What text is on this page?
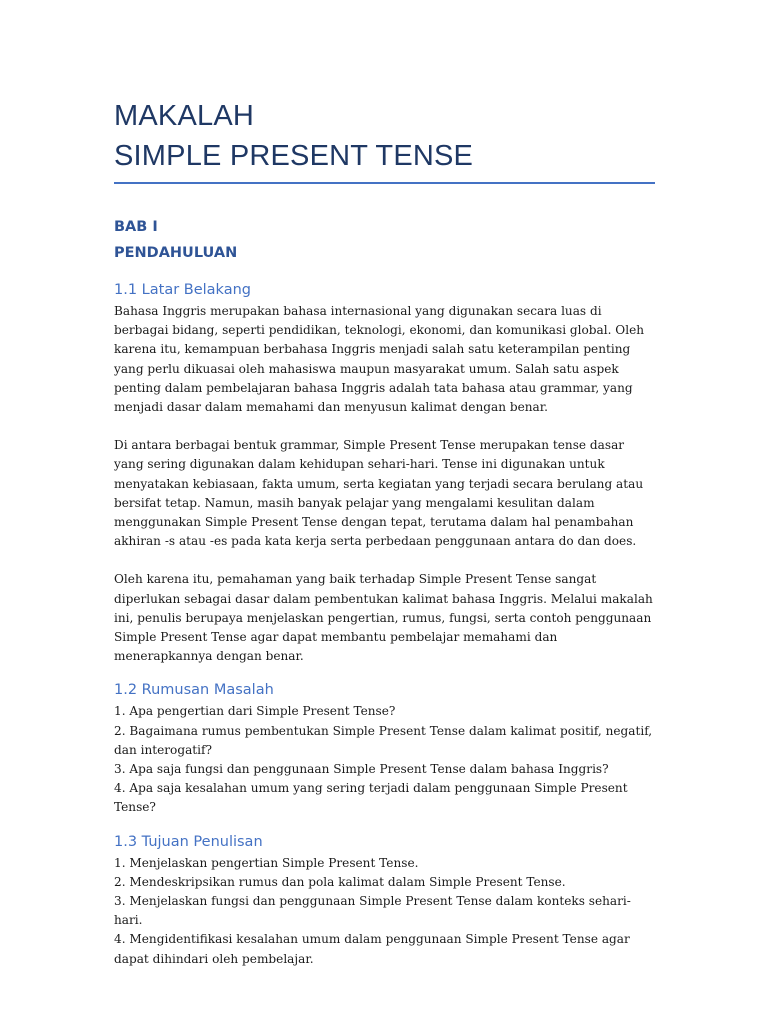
MAKALAH
SIMPLE PRESENT TENSE
BAB I
PENDAHULUAN
1.1 Latar Belakang

Bahasa Inggris merupakan bahasa internasional yang digunakan secara luas di berbagai bidang, seperti pendidikan, teknologi, ekonomi, dan komunikasi global. Oleh karena itu, kemampuan berbahasa Inggris menjadi salah satu keterampilan penting yang perlu dikuasai oleh mahasiswa maupun masyarakat umum. Salah satu aspek penting dalam pembelajaran bahasa Inggris adalah tata bahasa atau grammar, yang menjadi dasar dalam memahami dan menyusun kalimat dengan benar.

Di antara berbagai bentuk grammar, Simple Present Tense merupakan tense dasar yang sering digunakan dalam kehidupan sehari-hari. Tense ini digunakan untuk menyatakan kebiasaan, fakta umum, serta kegiatan yang terjadi secara berulang atau bersifat tetap. Namun, masih banyak pelajar yang mengalami kesulitan dalam menggunakan Simple Present Tense dengan tepat, terutama dalam hal penambahan akhiran -s atau -es pada kata kerja serta perbedaan penggunaan antara do dan does.

Oleh karena itu, pemahaman yang baik terhadap Simple Present Tense sangat diperlukan sebagai dasar dalam pembentukan kalimat bahasa Inggris. Melalui makalah ini, penulis berupaya menjelaskan pengertian, rumus, fungsi, serta contoh penggunaan Simple Present Tense agar dapat membantu pembelajar memahami dan menerapkannya dengan benar.

1.2 Rumusan Masalah

1. Apa pengertian dari Simple Present Tense?

2. Bagaimana rumus pembentukan Simple Present Tense dalam kalimat positif, negatif, dan interogatif?

3. Apa saja fungsi dan penggunaan Simple Present Tense dalam bahasa Inggris?

4. Apa saja kesalahan umum yang sering terjadi dalam penggunaan Simple Present Tense?

1.3 Tujuan Penulisan

1. Menjelaskan pengertian Simple Present Tense.

2. Mendeskripsikan rumus dan pola kalimat dalam Simple Present Tense.

3. Menjelaskan fungsi dan penggunaan Simple Present Tense dalam konteks sehari-hari.

4. Mengidentifikasi kesalahan umum dalam penggunaan Simple Present Tense agar dapat dihindari oleh pembelajar.
